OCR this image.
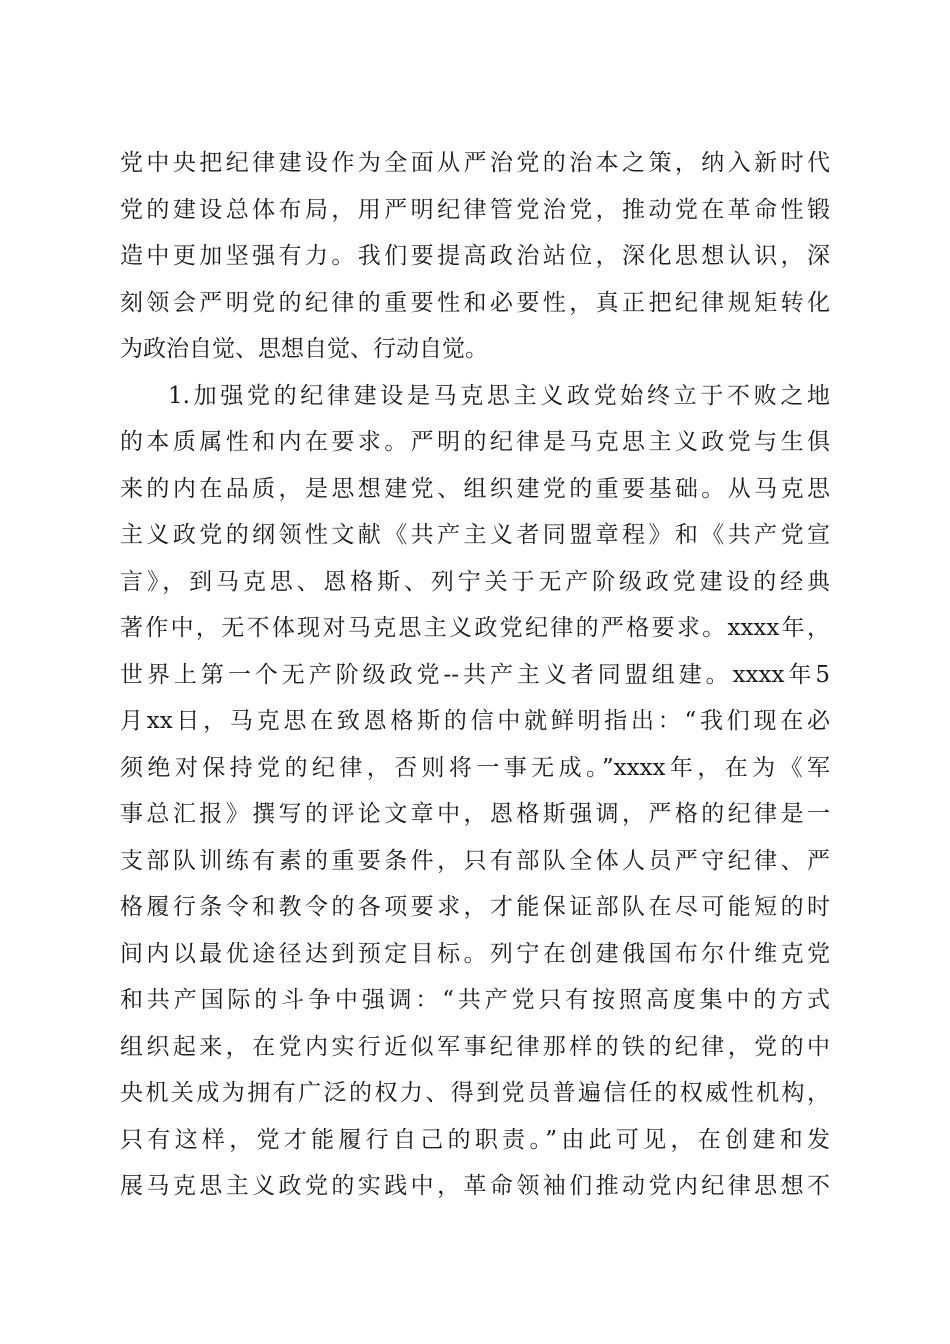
党中央把纪律建设作为全面从严治党的治本之策，纳入新时代
党的建设总体布局，用严明纪律管党治党，推动党在革命性锻
造中更加坚强有力。我们要提高政治站位，深化思想认识，深
刻领会严明党的纪律的重要性和必要性，真正把纪律规矩转化
为政治自觉、思想自觉、行动自觉。
1.加强党的纪律建设是马克思主义政党始终立于不败之地
的本质属性和内在要求。严明的纪律是马克思主义政党与生俱
来的内在品质，是思想建党、组织建党的重要基础。从马克思
主义政党的纲领性文献《共产主义者同盟章程》和《共产党宣
言》，到马克思、恩格斯、列宁关于无产阶级政党建设的经典
著作中，无不体现对马克思主义政党纪律的严格要求。xxxx年，
世界上第一个无产阶级政党--共产主义者同盟组建。xxxx年5
月xx日，马克思在致恩格斯的信中就鲜明指出：“我们现在必
须绝对保持党的纪律，否则将一事无成。”xxxx年，在为《军
事总汇报》撰写的评论文章中，恩格斯强调，严格的纪律是一
支部队训练有素的重要条件，只有部队全体人员严守纪律、严
格履行条令和教令的各项要求，才能保证部队在尽可能短的时
间内以最优途径达到预定目标。列宁在创建俄国布尔什维克党
和共产国际的斗争中强调：“共产党只有按照高度集中的方式
组织起来，在党内实行近似军事纪律那样的铁的纪律，党的中
央机关成为拥有广泛的权力、得到党员普遍信任的权威性机构，
只有这样，党才能履行自己的职责。”由此可见，在创建和发
展马克思主义政党的实践中，革命领袖们推动党内纪律思想不
